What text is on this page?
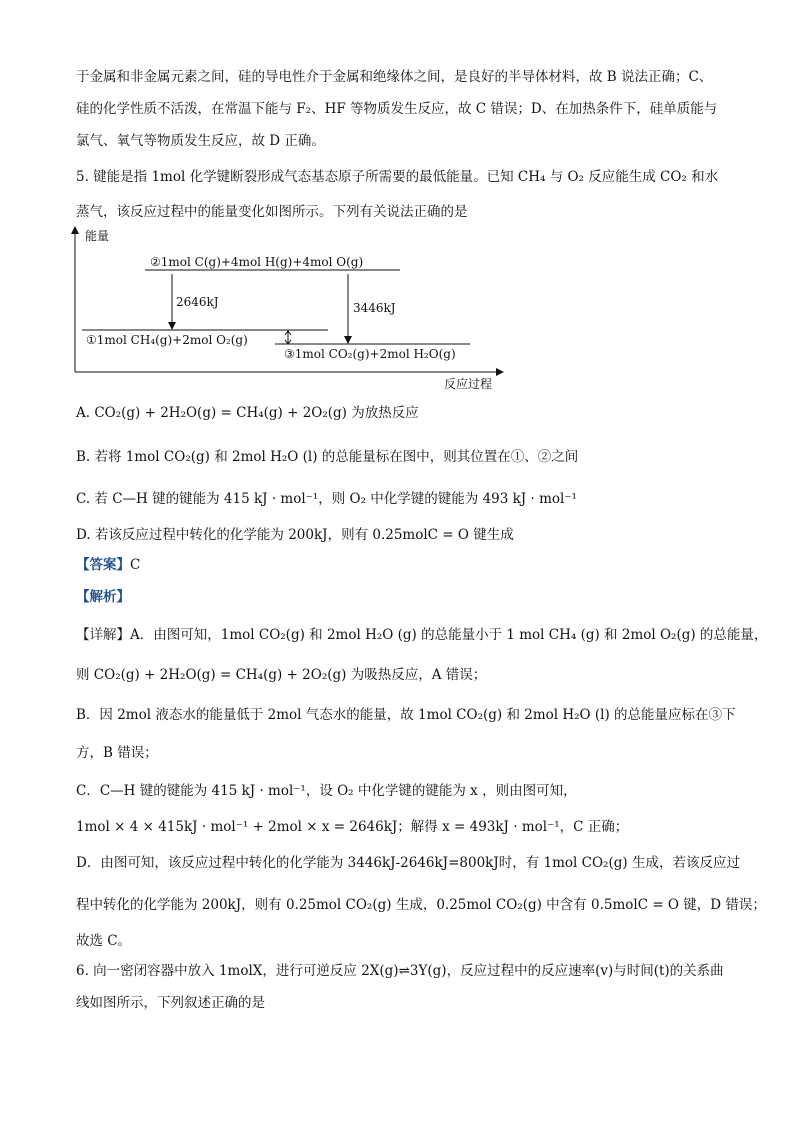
于金属和非金属元素之间，硅的导电性介于金属和绝缘体之间，是良好的半导体材料，故 B 说法正确；C、
硅的化学性质不活泼，在常温下能与 F₂、HF 等物质发生反应，故 C 错误；D、在加热条件下，硅单质能与
氯气、氧气等物质发生反应，故 D 正确。
5. 键能是指 1mol 化学键断裂形成气态基态原子所需要的最低能量。已知 CH₄ 与 O₂ 反应能生成 CO₂ 和水
蒸气，该反应过程中的能量变化如图所示。下列有关说法正确的是
能量
反应过程
②1mol C(g)+4mol H(g)+4mol O(g)
①1mol CH₄(g)+2mol O₂(g)
③1mol CO₂(g)+2mol H₂O(g)
2646kJ	3446kJ
A. CO₂(g) + 2H₂O(g) = CH₄(g) + 2O₂(g) 为放热反应
B. 若将 1mol CO₂(g) 和 2mol H₂O (l) 的总能量标在图中，则其位置在①、②之间
C. 若 C—H 键的键能为 415 kJ · mol⁻¹，则 O₂ 中化学键的键能为 493 kJ · mol⁻¹
D. 若该反应过程中转化的化学能为 200kJ，则有 0.25molC = O 键生成
【答案】C
【解析】
【详解】A．由图可知，1mol CO₂(g) 和 2mol H₂O (g) 的总能量小于 1 mol CH₄ (g) 和 2mol O₂(g) 的总能量，
则 CO₂(g) + 2H₂O(g) = CH₄(g) + 2O₂(g) 为吸热反应，A 错误；
B．因 2mol 液态水的能量低于 2mol 气态水的能量，故 1mol CO₂(g) 和 2mol H₂O (l) 的总能量应标在③下
方，B 错误；
C．C—H 键的键能为 415 kJ · mol⁻¹，设 O₂ 中化学键的键能为 x ，则由图可知，
1mol × 4 × 415kJ · mol⁻¹ + 2mol × x = 2646kJ；解得 x = 493kJ · mol⁻¹，C 正确；
D．由图可知，该反应过程中转化的化学能为 3446kJ-2646kJ=800kJ时，有 1mol CO₂(g) 生成，若该反应过
程中转化的化学能为 200kJ，则有 0.25mol CO₂(g) 生成，0.25mol CO₂(g) 中含有 0.5molC = O 键，D 错误；
故选 C。
6. 向一密闭容器中放入 1molX，进行可逆反应 2X(g)⇌3Y(g)，反应过程中的反应速率(v)与时间(t)的关系曲
线如图所示，下列叙述正确的是
